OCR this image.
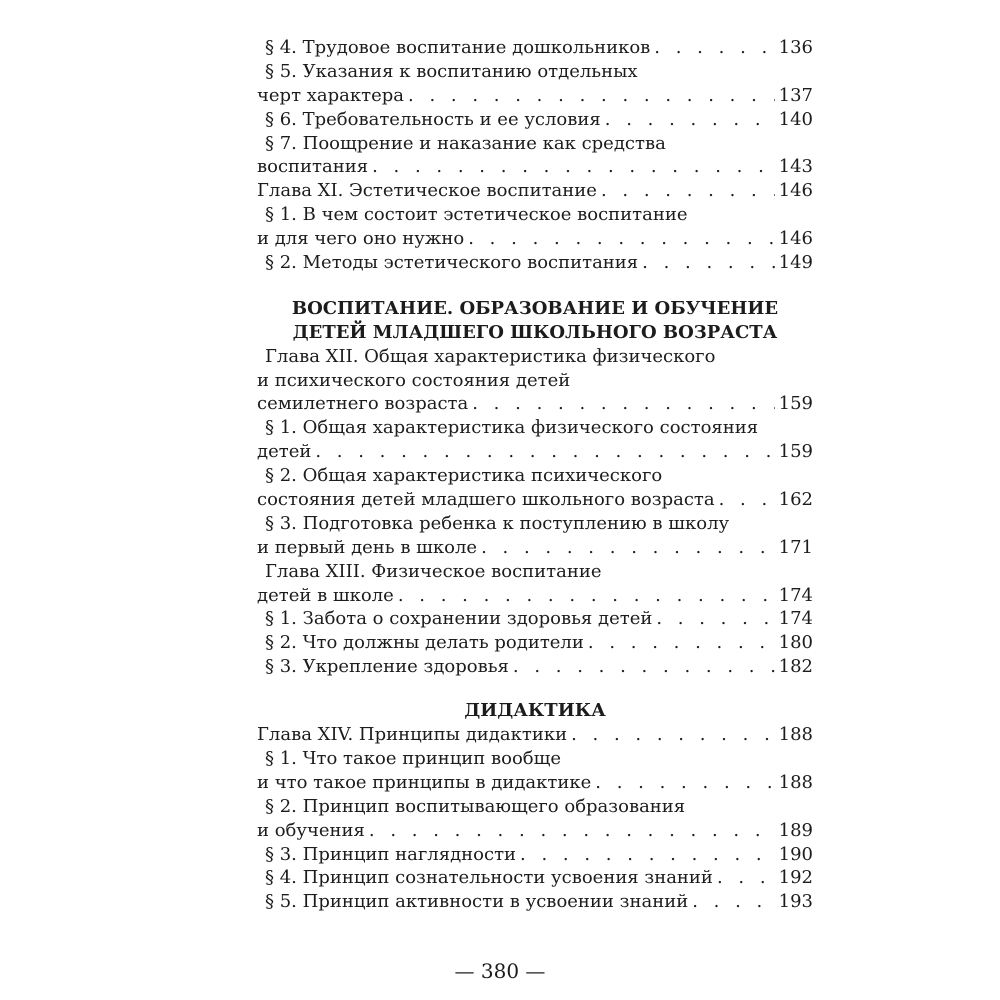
§ 4. Трудовое воспитание дошкольников . . .	136
§ 5. Указания к воспитанию отдельных
черт характера . . .	137
§ 6. Требовательность и ее условия . . .	140
§ 7. Поощрение и наказание как средства
воспитания . . .	143
Глава XI. Эстетическое воспитание . . .	146
§ 1. В чем состоит эстетическое воспитание
и для чего оно нужно . . .	146
§ 2. Методы эстетического воспитания . . .	149
ВОСПИТАНИЕ. ОБРАЗОВАНИЕ И ОБУЧЕНИЕ
ДЕТЕЙ МЛАДШЕГО ШКОЛЬНОГО ВОЗРАСТА
Глава XII. Общая характеристика физического
и психического состояния детей
семилетнего возраста . . .	159
§ 1. Общая характеристика физического состояния
детей . . .	159
§ 2. Общая характеристика психического
состояния детей младшего школьного возраста . . .	162
§ 3. Подготовка ребенка к поступлению в школу
и первый день в школе . . .	171
Глава XIII. Физическое воспитание
детей в школе . . .	174
§ 1. Забота о сохранении здоровья детей . . .	174
§ 2. Что должны делать родители . . .	180
§ 3. Укрепление здоровья . . .	182
ДИДАКТИКА
Глава XIV. Принципы дидактики . . .	188
§ 1. Что такое принцип вообще
и что такое принципы в дидактике . . .	188
§ 2. Принцип воспитывающего образования
и обучения . . .	189
§ 3. Принцип наглядности . . .	190
§ 4. Принцип сознательности усвоения знаний . . .	192
§ 5. Принцип активности в усвоении знаний . . .	193
— 380 —
